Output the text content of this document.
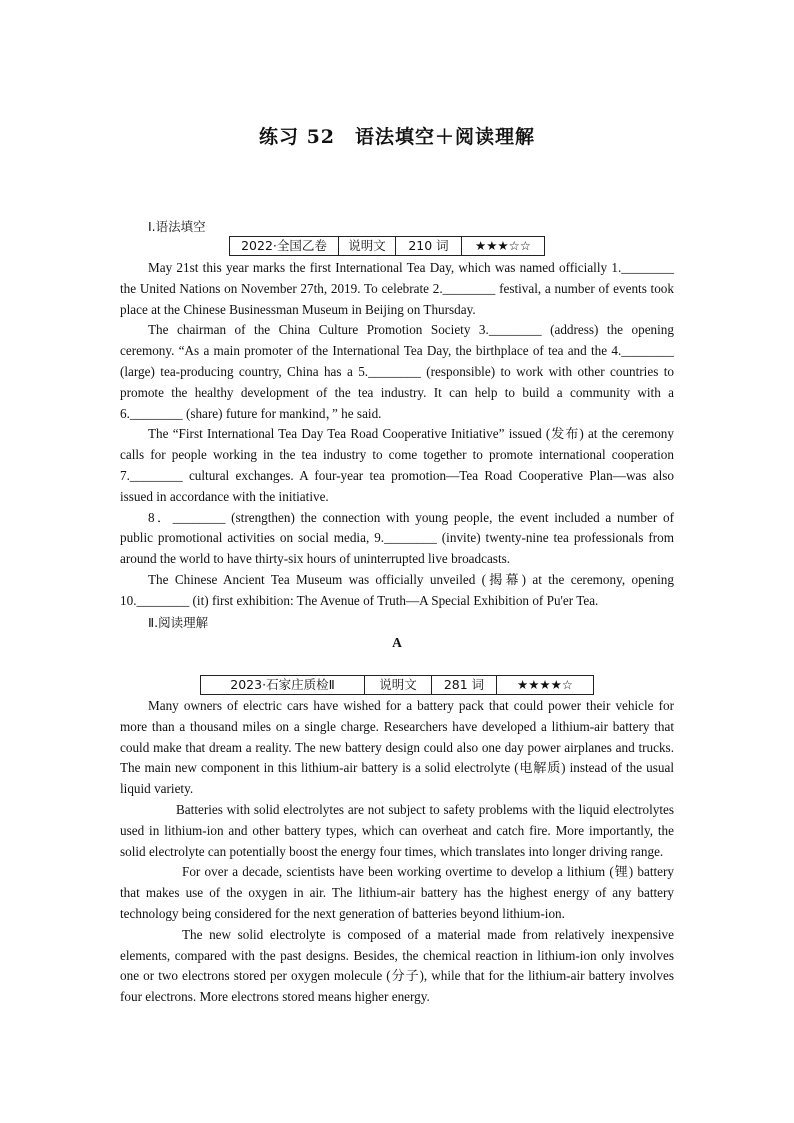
练习 52　语法填空＋阅读理解
Ⅰ.语法填空
2022·全国乙卷	说明文	210 词	★★★☆☆

May 21st this year marks the first International Tea Day, which was named officially 1.________ the United Nations on November 27th, 2019. To celebrate 2.________ festival, a number of events took place at the Chinese Businessman Museum in Beijing on Thursday.

The chairman of the China Culture Promotion Society 3.________ (address) the opening ceremony. “As a main promoter of the International Tea Day, the birthplace of tea and the 4.________ (large) tea-producing country, China has a 5.________ (responsible) to work with other countries to promote the healthy development of the tea industry. It can help to build a community with a 6.________ (share) future for mankind，” he said.

The “First International Tea Day Tea Road Cooperative Initiative” issued (发布) at the ceremony calls for people working in the tea industry to come together to promote international cooperation 7.________ cultural exchanges. A four-year tea promotion—Tea Road Cooperative Plan—was also issued in accordance with the initiative.

8．________ (strengthen) the connection with young people, the event included a number of public promotional activities on social media, 9.________ (invite) twenty-nine tea professionals from around the world to have thirty-six hours of uninterrupted live broadcasts.

The Chinese Ancient Tea Museum was officially unveiled (揭幕) at the ceremony, opening 10.________ (it) first exhibition: The Avenue of Truth—A Special Exhibition of Pu'er Tea.

Ⅱ.阅读理解
A
2023·石家庄质检Ⅱ	说明文	281 词	★★★★☆

Many owners of electric cars have wished for a battery pack that could power their vehicle for more than a thousand miles on a single charge. Researchers have developed a lithium-air battery that could make that dream a reality. The new battery design could also one day power airplanes and trucks. The main new component in this lithium-air battery is a solid electrolyte (电解质) instead of the usual liquid variety.

Batteries with solid electrolytes are not subject to safety problems with the liquid electrolytes used in lithium-ion and other battery types, which can overheat and catch fire. More importantly, the solid electrolyte can potentially boost the energy four times, which translates into longer driving range.

For over a decade, scientists have been working overtime to develop a lithium (锂) battery that makes use of the oxygen in air. The lithium-air battery has the highest energy of any battery technology being considered for the next generation of batteries beyond lithium-ion.

The new solid electrolyte is composed of a material made from relatively inexpensive elements, compared with the past designs. Besides, the chemical reaction in lithium-ion only involves one or two electrons stored per oxygen molecule (分子), while that for the lithium-air battery involves four electrons. More electrons stored means higher energy.
